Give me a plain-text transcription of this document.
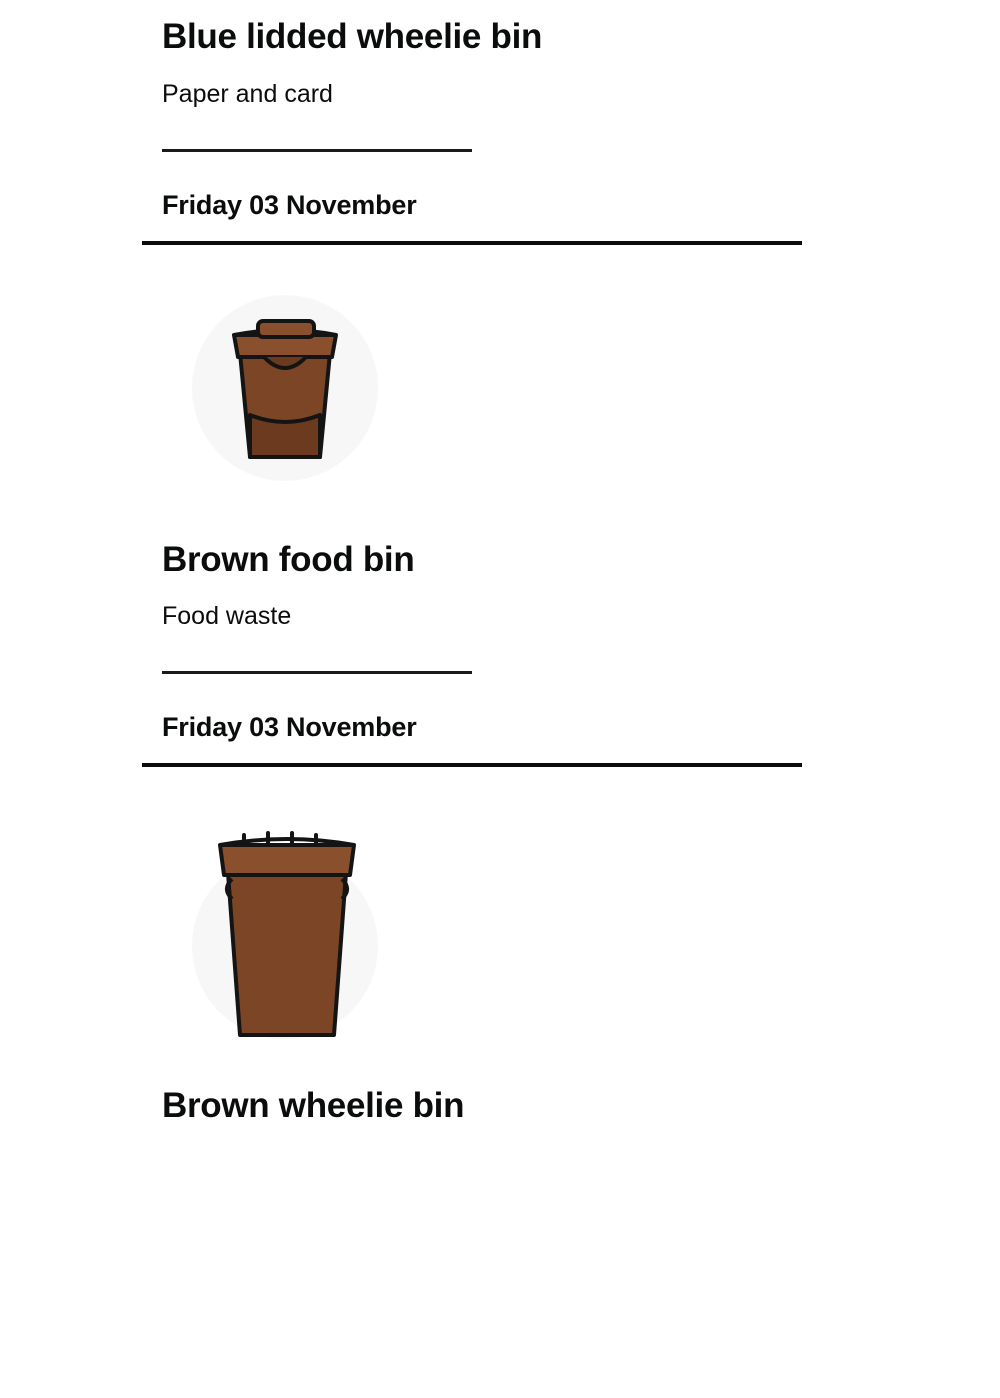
Blue lidded wheelie bin

Paper and card

Friday 03 November
Brown food bin

Food waste

Friday 03 November
Brown wheelie bin
